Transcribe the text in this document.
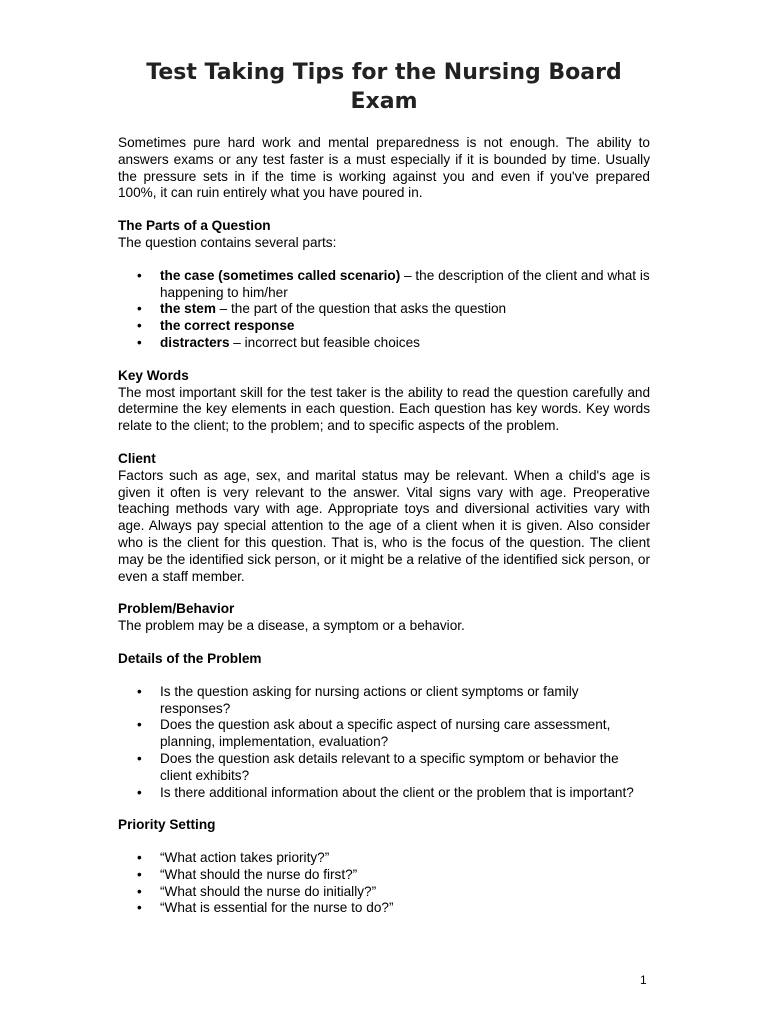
Test Taking Tips for the Nursing Board Exam

Sometimes pure hard work and mental preparedness is not enough. The ability to answers exams or any test faster is a must especially if it is bounded by time. Usually the pressure sets in if the time is working against you and even if you've prepared 100%, it can ruin entirely what you have poured in.

The Parts of a Question

The question contains several parts:

• the case (sometimes called scenario) – the description of the client and what is happening to him/her
• the stem – the part of the question that asks the question
• the correct response
• distracters – incorrect but feasible choices
Key Words

The most important skill for the test taker is the ability to read the question carefully and determine the key elements in each question. Each question has key words. Key words relate to the client; to the problem; and to specific aspects of the problem.

Client

Factors such as age, sex, and marital status may be relevant. When a child's age is given it often is very relevant to the answer. Vital signs vary with age. Preoperative teaching methods vary with age. Appropriate toys and diversional activities vary with age. Always pay special attention to the age of a client when it is given. Also consider who is the client for this question. That is, who is the focus of the question. The client may be the identified sick person, or it might be a relative of the identified sick person, or even a staff member.

Problem/Behavior

The problem may be a disease, a symptom or a behavior.

Details of the Problem
• Is the question asking for nursing actions or client symptoms or family responses?
• Does the question ask about a specific aspect of nursing care assessment, planning, implementation, evaluation?
• Does the question ask details relevant to a specific symptom or behavior the client exhibits?
• Is there additional information about the client or the problem that is important?
Priority Setting
• “What action takes priority?”
• “What should the nurse do first?”
• “What should the nurse do initially?”
• “What is essential for the nurse to do?”
1
